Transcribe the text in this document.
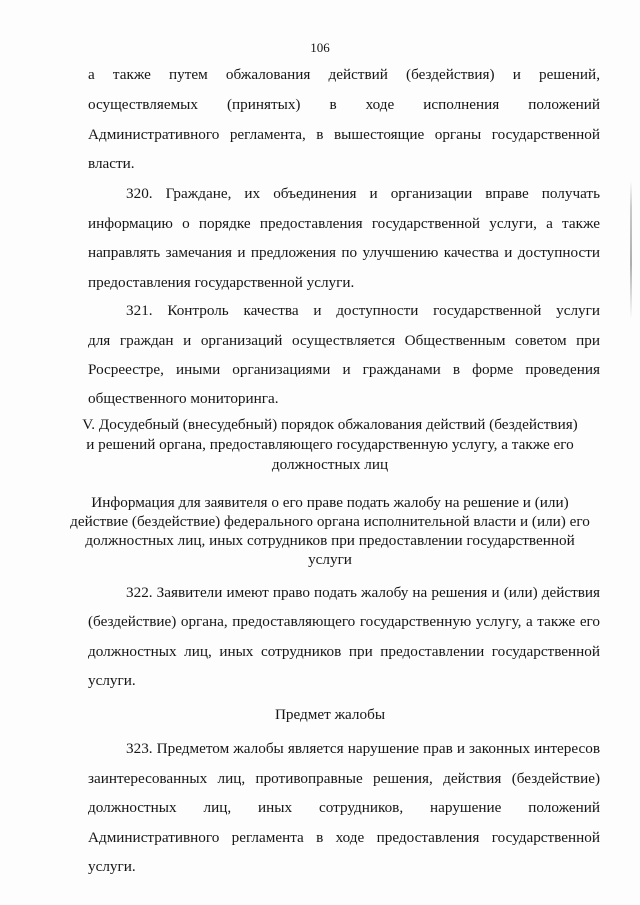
106
а также путем обжалования действий (бездействия) и решений,
осуществляемых (принятых) в ходе исполнения положений
Административного регламента, в вышестоящие органы государственной
власти.
320. Граждане, их объединения и организации вправе получать
информацию о порядке предоставления государственной услуги, а также
направлять замечания и предложения по улучшению качества и доступности
предоставления государственной услуги.
321. Контроль качества и доступности государственной услуги
для граждан и организаций осуществляется Общественным советом при
Росреестре, иными организациями и гражданами в форме проведения
общественного мониторинга.
V. Досудебный (внесудебный) порядок обжалования действий (бездействия)
и решений органа, предоставляющего государственную услугу, а также его
должностных лиц
Информация для заявителя о его праве подать жалобу на решение и (или)
действие (бездействие) федерального органа исполнительной власти и (или) его
должностных лиц, иных сотрудников при предоставлении государственной
услуги
322. Заявители имеют право подать жалобу на решения и (или) действия
(бездействие) органа, предоставляющего государственную услугу, а также его
должностных лиц, иных сотрудников при предоставлении государственной
услуги.
Предмет жалобы
323. Предметом жалобы является нарушение прав и законных интересов
заинтересованных лиц, противоправные решения, действия (бездействие)
должностных лиц, иных сотрудников, нарушение положений
Административного регламента в ходе предоставления государственной
услуги.
